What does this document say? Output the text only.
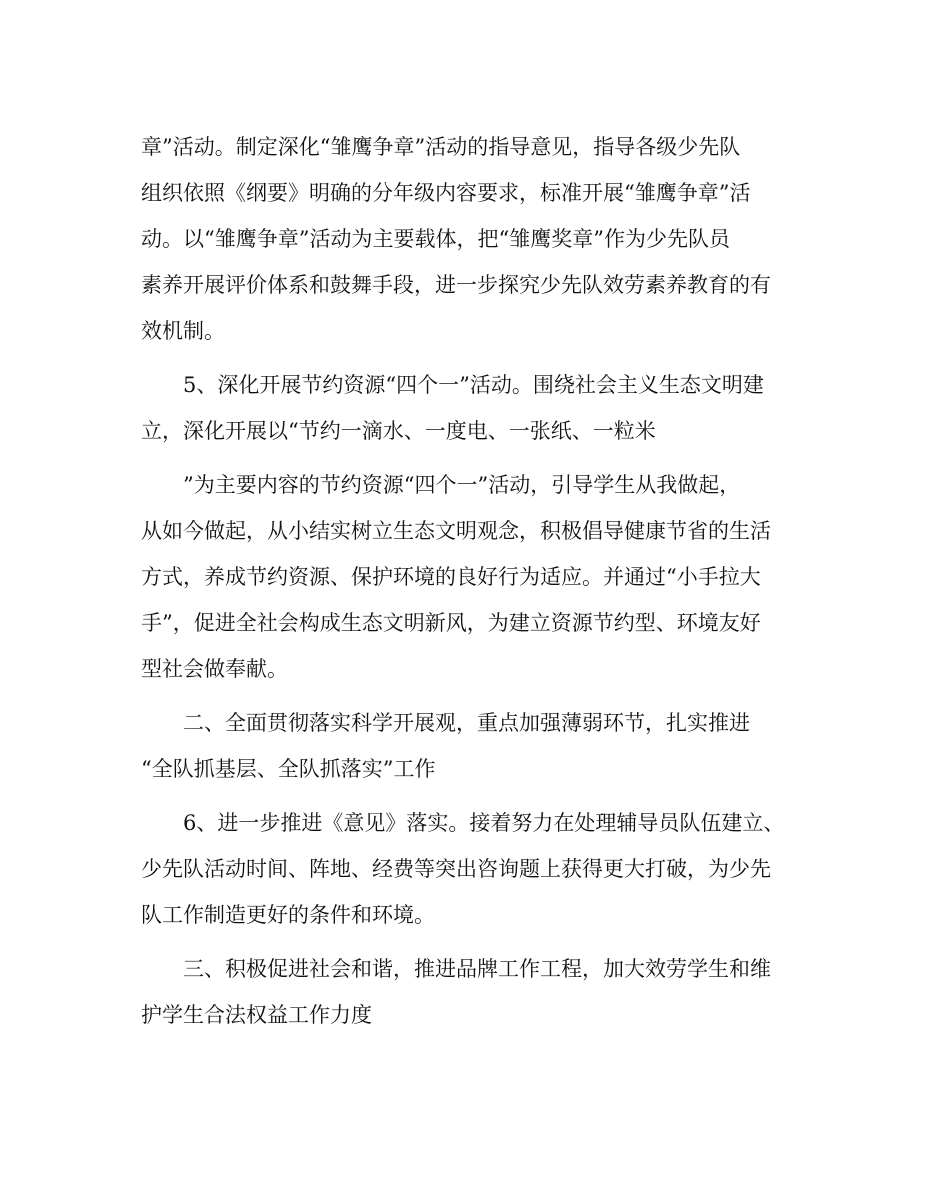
章”活动。制定深化“雏鹰争章”活动的指导意见，指导各级少先队
组织依照《纲要》明确的分年级内容要求，标准开展“雏鹰争章”活
动。以“雏鹰争章”活动为主要载体，把“雏鹰奖章”作为少先队员
素养开展评价体系和鼓舞手段，进一步探究少先队效劳素养教育的有
效机制。
5、深化开展节约资源“四个一”活动。围绕社会主义生态文明建
立，深化开展以“节约一滴水、一度电、一张纸、一粒米
”为主要内容的节约资源“四个一”活动，引导学生从我做起，
从如今做起，从小结实树立生态文明观念，积极倡导健康节省的生活
方式，养成节约资源、保护环境的良好行为适应。并通过“小手拉大
手”，促进全社会构成生态文明新风，为建立资源节约型、环境友好
型社会做奉献。
二、全面贯彻落实科学开展观，重点加强薄弱环节，扎实推进
“全队抓基层、全队抓落实”工作
6、进一步推进《意见》落实。接着努力在处理辅导员队伍建立、
少先队活动时间、阵地、经费等突出咨询题上获得更大打破，为少先
队工作制造更好的条件和环境。
三、积极促进社会和谐，推进品牌工作工程，加大效劳学生和维
护学生合法权益工作力度
